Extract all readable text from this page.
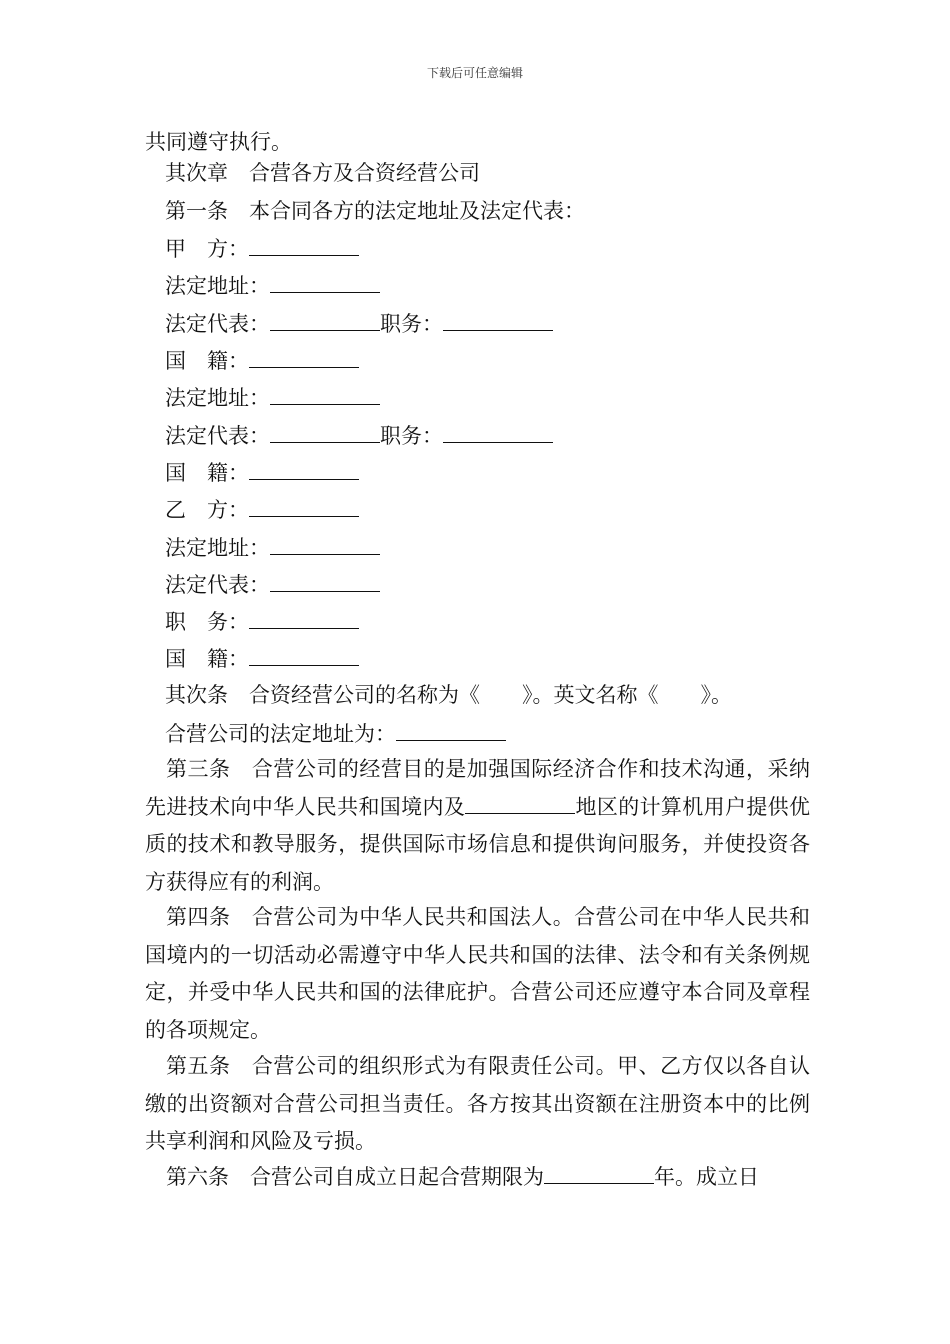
下载后可任意编辑
共同遵守执行。
其次章　合营各方及合资经营公司
第一条　本合同各方的法定地址及法定代表：
甲　方：
法定地址：
法定代表：	职务：
国　籍：
法定地址：
法定代表：	职务：
国　籍：
乙　方：
法定地址：
法定代表：
职　务：
国　籍：
其次条　合资经营公司的名称为《　　》。英文名称《　　》。
合营公司的法定地址为：
第三条　合营公司的经营目的是加强国际经济合作和技术沟通，采纳先进技术向中华人民共和国境内及	地区的计算机用户提供优质的技术和教导服务，提供国际市场信息和提供询问服务，并使投资各方获得应有的利润。
第四条　合营公司为中华人民共和国法人。合营公司在中华人民共和国境内的一切活动必需遵守中华人民共和国的法律、法令和有关条例规定，并受中华人民共和国的法律庇护。合营公司还应遵守本合同及章程的各项规定。
第五条　合营公司的组织形式为有限责任公司。甲、乙方仅以各自认缴的出资额对合营公司担当责任。各方按其出资额在注册资本中的比例共享利润和风险及亏损。
第六条　合营公司自成立日起合营期限为	年。成立日
